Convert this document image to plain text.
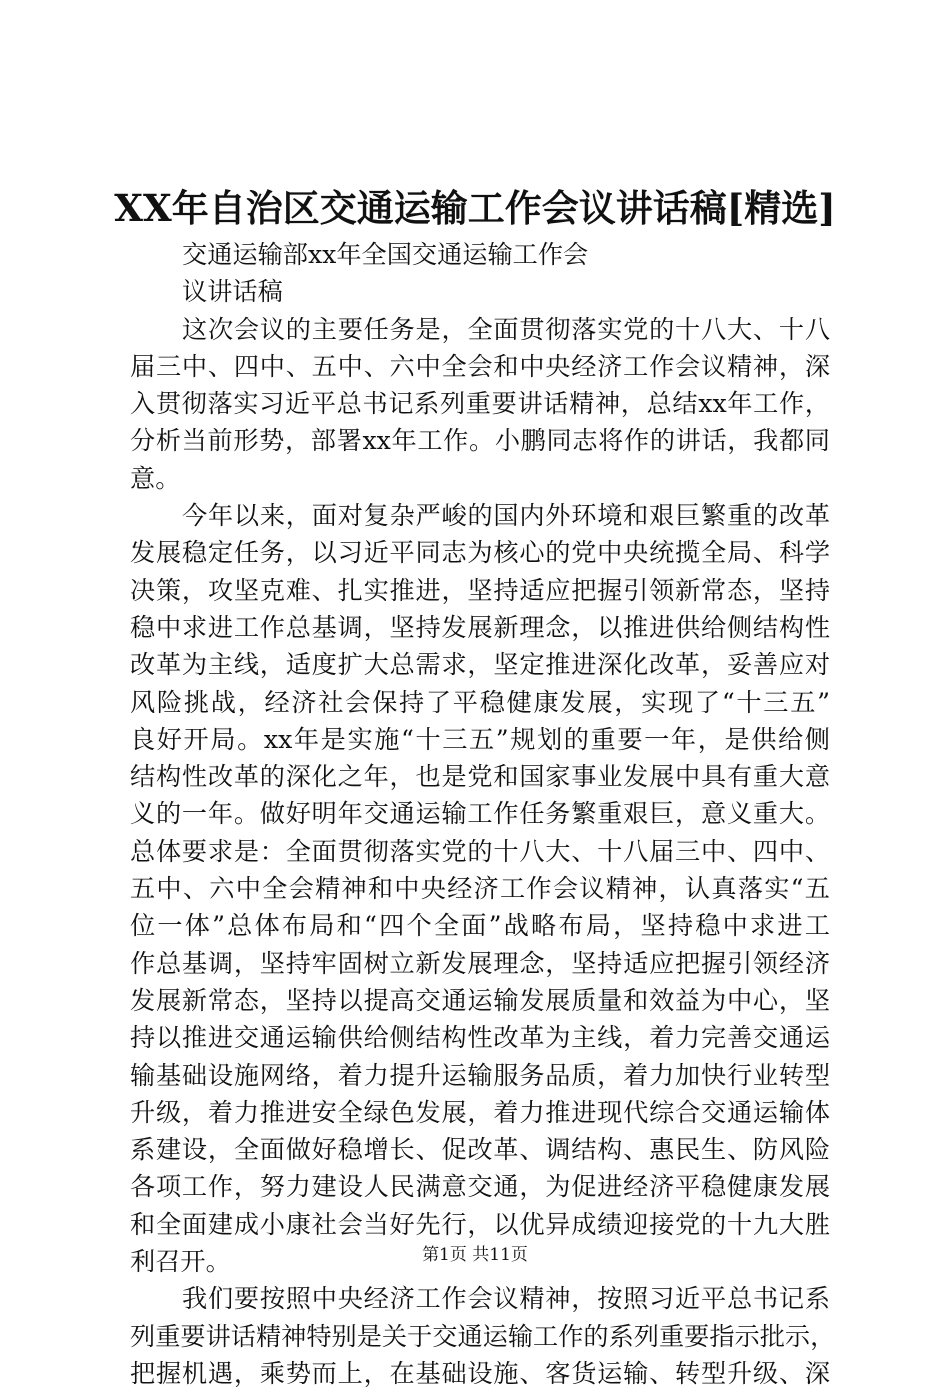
XX年自治区交通运输工作会议讲话稿[精选]
交通运输部xx年全国交通运输工作会
议讲话稿
这次会议的主要任务是，全面贯彻落实党的十八大、十八
届三中、四中、五中、六中全会和中央经济工作会议精神，深
入贯彻落实习近平总书记系列重要讲话精神，总结xx年工作，
分析当前形势，部署xx年工作。小鹏同志将作的讲话，我都同
意。
今年以来，面对复杂严峻的国内外环境和艰巨繁重的改革
发展稳定任务，以习近平同志为核心的党中央统揽全局、科学
决策，攻坚克难、扎实推进，坚持适应把握引领新常态，坚持
稳中求进工作总基调，坚持发展新理念，以推进供给侧结构性
改革为主线，适度扩大总需求，坚定推进深化改革，妥善应对
风险挑战，经济社会保持了平稳健康发展，实现了“十三五”
良好开局。xx年是实施“十三五”规划的重要一年，是供给侧
结构性改革的深化之年，也是党和国家事业发展中具有重大意
义的一年。做好明年交通运输工作任务繁重艰巨，意义重大。
总体要求是：全面贯彻落实党的十八大、十八届三中、四中、
五中、六中全会精神和中央经济工作会议精神，认真落实“五
位一体”总体布局和“四个全面”战略布局，坚持稳中求进工
作总基调，坚持牢固树立新发展理念，坚持适应把握引领经济
发展新常态，坚持以提高交通运输发展质量和效益为中心，坚
持以推进交通运输供给侧结构性改革为主线，着力完善交通运
输基础设施网络，着力提升运输服务品质，着力加快行业转型
升级，着力推进安全绿色发展，着力推进现代综合交通运输体
系建设，全面做好稳增长、促改革、调结构、惠民生、防风险
各项工作，努力建设人民满意交通，为促进经济平稳健康发展
和全面建成小康社会当好先行，以优异成绩迎接党的十九大胜
利召开。
我们要按照中央经济工作会议精神，按照习近平总书记系
列重要讲话精神特别是关于交通运输工作的系列重要指示批示，
把握机遇，乘势而上，在基础设施、客货运输、转型升级、深
第1页 共11页
